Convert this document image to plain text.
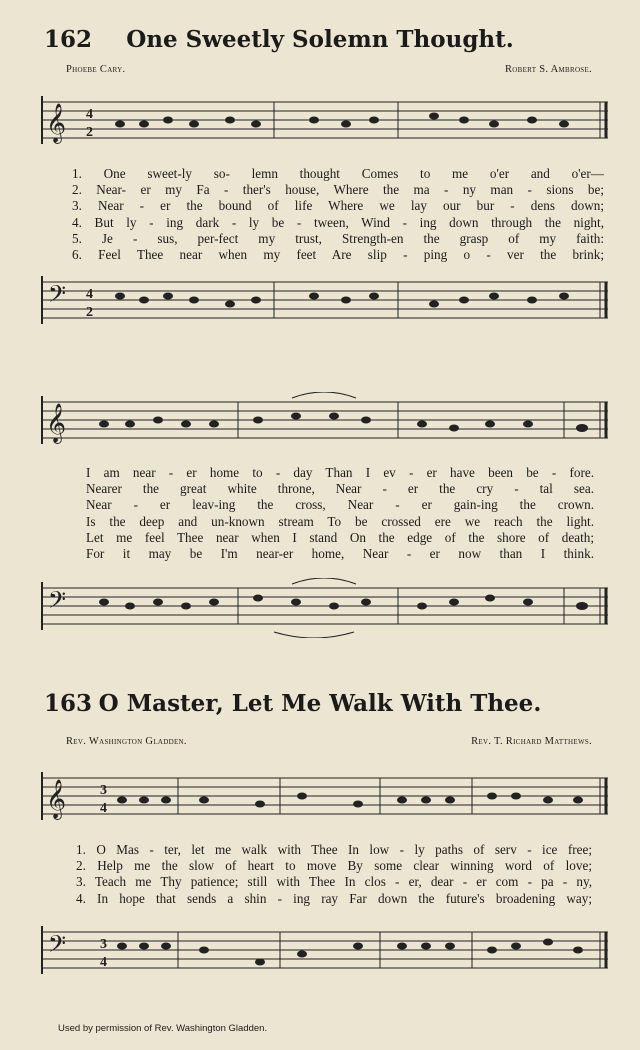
162	One Sweetly Solemn Thought.
Phoebe Cary.	Robert S. Ambrose.
𝄞 4
2
1. One sweet-ly so- lemn thought Comes to me o'er and o'er—
2. Near- er my Fa - ther's house, Where the ma - ny man - sions be;
3. Near - er the bound of life Where we lay our bur - dens down;
4. But ly - ing dark - ly be - tween, Wind - ing down through the night,
5. Je - sus, per-fect my trust, Strength-en the grasp of my faith:
6. Feel Thee near when my feet Are slip - ping o - ver the brink;
𝄢 4
2
𝄞
I am near - er home to - day Than I ev - er have been be - fore.
Nearer the great white throne, Near - er the cry - tal sea.
Near - er leav-ing the cross, Near - er gain-ing the crown.
Is the deep and un-known stream To be crossed ere we reach the light.
Let me feel Thee near when I stand On the edge of the shore of death;
For it may be I'm near-er home, Near - er now than I think.
𝄢
163 O Master, Let Me Walk With Thee.
Rev. Washington Gladden.	Rev. T. Richard Matthews.
𝄞 3
4
1. O Mas - ter, let me walk with Thee In low - ly paths of serv - ice free;
2. Help me the slow of heart to move By some clear winning word of love;
3. Teach me Thy patience; still with Thee In clos - er, dear - er com - pa - ny,
4. In hope that sends a shin - ing ray Far down the future's broadening way;
𝄢 3
4
Used by permission of Rev. Washington Gladden.
